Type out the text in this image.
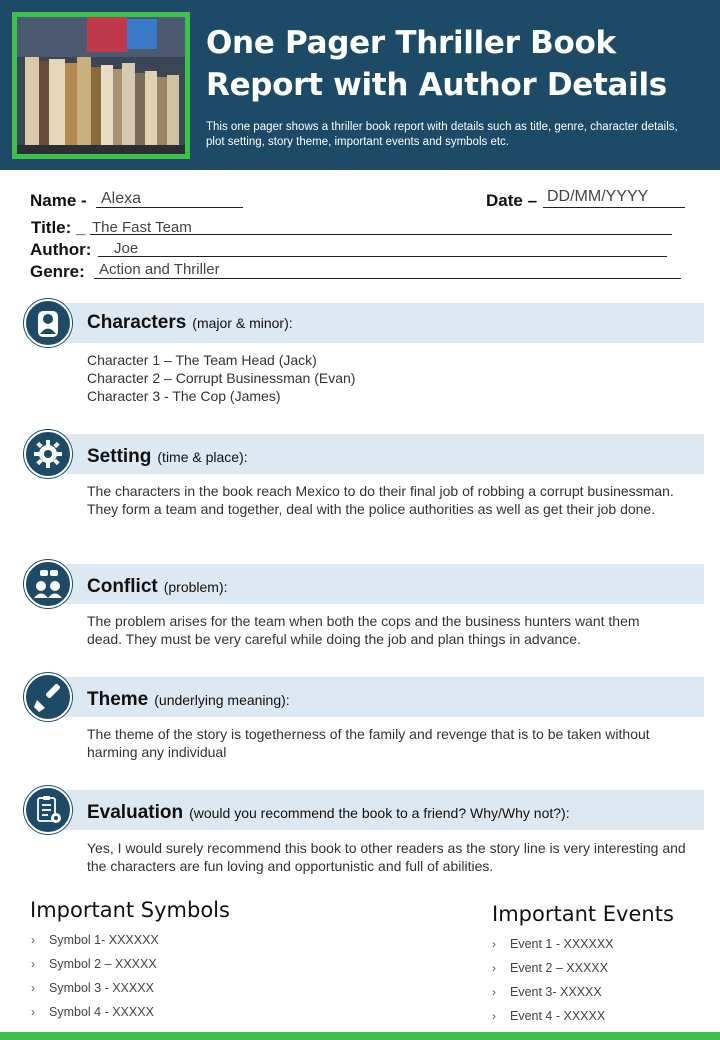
One Pager Thriller Book
Report with Author Details
This one pager shows a thriller book report with details such as title, genre, character details, plot setting, story theme, important events and symbols etc.
Name - Alexa	Date – DD/MM/YYYY
Title: _ The Fast Team
Author: Joe
Genre: Action and Thriller
Characters (major & minor):
Character 1 – The Team Head (Jack)
Character 2 – Corrupt Businessman (Evan)
Character 3 - The Cop (James)
Setting (time & place):
The characters in the book reach Mexico to do their final job of robbing a corrupt businessman. They form a team and together, deal with the police authorities as well as get their job done.
Conflict (problem):
The problem arises for the team when both the cops and the business hunters want them dead. They must be very careful while doing the job and plan things in advance.
Theme (underlying meaning):
The theme of the story is togetherness of the family and revenge that is to be taken without harming any individual
Evaluation (would you recommend the book to a friend? Why/Why not?):
Yes, I would surely recommend this book to other readers as the story line is very interesting and the characters are fun loving and opportunistic and full of abilities.
Important Symbols
› Symbol 1- XXXXXX
› Symbol 2 – XXXXX
› Symbol 3 - XXXXX
› Symbol 4 - XXXXX
Important Events
› Event 1 - XXXXXX
› Event 2 – XXXXX
› Event 3- XXXXX
› Event 4 - XXXXX
